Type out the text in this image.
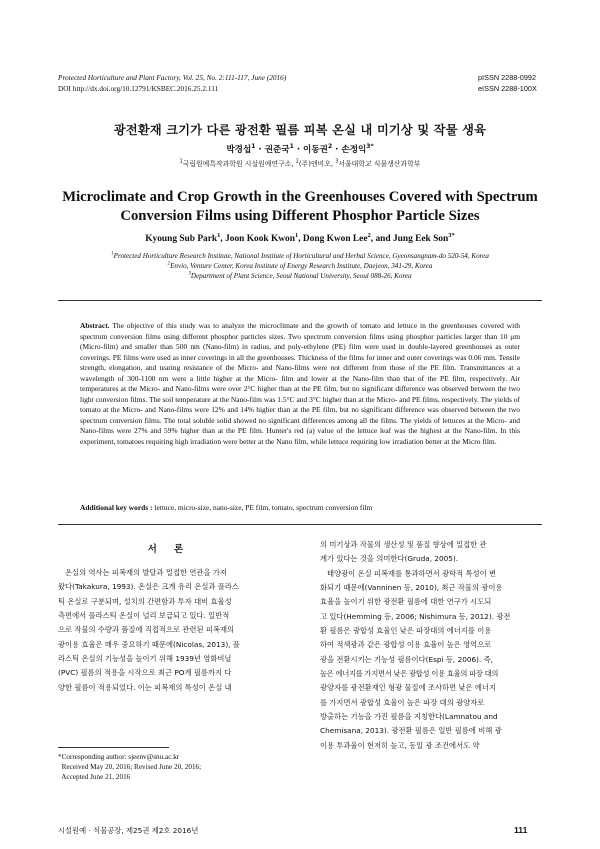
Protected Horticulture and Plant Factory, Vol. 25, No. 2:111-117, June (2016)
DOI http://dx.doi.org/10.12791/KSBEC.2016.25.2.111
pISSN 2288-0992
eISSN 2288-100X
광전환재 크기가 다른 광전환 필름 피복 온실 내 미기상 및 작물 생육
박경섭$^1$ · 권준국$^1$ · 이동권$^2$ · 손정익$^{3*}$
$^1$국립원예특작과학원 시설원예연구소, $^2$(주)엔비오, $^3$서울대학교 식물생산과학부
Microclimate and Crop Growth in the Greenhouses Covered with Spectrum
Conversion Films using Different Phosphor Particle Sizes
Kyoung Sub Park$^1$, Joon Kook Kwon$^1$, Dong Kwon Lee$^2$, and Jung Eek Son$^{3*}$
$^1$Protected Horticulture Research Institute, National Institute of Horticultural and Herbal Science, Gyeonsangnam-do 520-54, Korea
$^2$Envio, Venture Center, Korea Institute of Energy Research Institute, Daejeon, 341-29, Korea
$^3$Department of Plant Science, Seoul National University, Seoul 088-26, Korea
Abstract. The objective of this study was to analyze the microclimate and the growth of tomato and lettuce in the greenhouses covered with spectrum conversion films using different phosphor particles sizes. Two spectrum conversion films using phosphor particles larger than 10 μm (Micro-film) and smaller than 500 nm (Nano-film) in radius, and poly-ethylene (PE) film were used in double-layered greenhouses as outer coverings. PE films were used as inner coverings in all the greenhouses. Thickness of the films for inner and outer coverings was 0.06 mm. Tensile strength, elongation, and tearing resistance of the Micro- and Nano-films were not different from those of the PE film. Transmittances at a wavelength of 300-1100 nm were a little higher at the Micro- film and lower at the Nano-film than that of the PE film, respectively. Air temperatures at the Micro- and Nano-films were over 2°C higher than at the PE film, but no significant difference was observed between the two light conversion films. The soil temperature at the Nano-film was 1.5°C and 3°C higher than at the Micro- and PE films, respectively. The yields of tomato at the Micro- and Nano-films were 12% and 14% higher than at the PE film, but no significant difference was observed between the two spectrum conversion films. The total soluble solid showed no significant differences among all the films. The yields of lettuces at the Micro- and Nano-films were 27% and 59% higher than at the PE film. Hunter's red (a) value of the lettuce leaf was the highest at the Nano-film. In this experiment, tomatoes requiring high irradiation were better at the Nano film, while lettuce requiring low irradiation better at the Micro film.
Additional key words : lettuce, micro-size, nano-size, PE film, tomato, spectrum conversion film
서 론
온실의 역사는 피복재의 발달과 밀접한 연관을 가져
왔다(Takakura, 1993). 온실은 크게 유리 온실과 플라스
틱 온실로 구분되며, 설치의 간편함과 투자 대비 효율성
측면에서 플라스틱 온실이 널리 보급되고 있다. 일반적
으로 작물의 수량과 품질에 직접적으로 관련된 피복재의
광이용 효율은 매우 중요하기 때문에(Nicolas, 2013), 플
라스틱 온실의 기능성을 높이기 위해 1939년 염화비닐
(PVC) 필름의 적용을 시작으로 최근 PO계 필름까지 다
양한 필름이 적용되었다. 이는 피복재의 특성이 온실 내
의 미기상과 작물의 생산성 및 품질 향상에 밀접한 관
계가 있다는 것을 의미한다(Gruda, 2005).
태양광이 온실 피복재를 통과하면서 광학적 특성이 변
화되기 때문에(Vanninen 등, 2010), 최근 작물의 광이용
효율을 높이기 위한 광전환 필름에 대한 연구가 시도되
고 있다(Hemming 등, 2006; Nishimura 등, 2012). 광전
환 필름은 광합성 효율인 낮은 파장대의 에너지를 이용
하여 적색광과 같은 광합성 이용 효율이 높은 영역으로
광을 전환시키는 기능성 필름이다(Espi 등, 2006). 즉,
높은 에너지를 가지면서 낮은 광합성 이용 효율의 파장 대의
광양자를 광전환재인 형광 물질에 조사하면 낮은 에너지
를 가지면서 광합성 효율이 높은 파장 대의 광양자로
방출하는 기능을 가진 필름을 지칭한다(Lamnatou and
Chemisana, 2013). 광전환 필름은 일반 필름에 비해 광
이용 투과율이 현저히 높고, 동일 광 조건에서도 약
*Corresponding author: sjeenv@snu.ac.kr
Received May 20, 2016; Revised June 20, 2016;
Accepted June 21, 2016
시설원예 · 식물공장, 제25권 제2호 2016년	111
